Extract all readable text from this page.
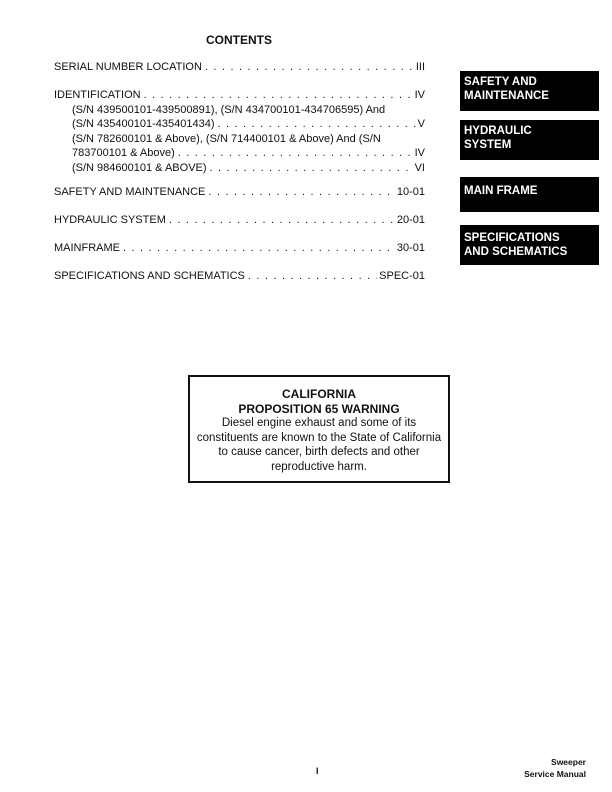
CONTENTS
SERIAL NUMBER LOCATION . . .	III
IDENTIFICATION . . .	IV
(S/N 439500101-439500891), (S/N 434700101-434706595) And
(S/N 435400101-435401434) . . .	V
(S/N 782600101 & Above), (S/N 714400101 & Above) And (S/N
783700101 & Above) . . .	IV
(S/N 984600101 & ABOVE) . . .	VI
SAFETY AND MAINTENANCE . . .	10-01
HYDRAULIC SYSTEM . . .	20-01
MAINFRAME . . .	30-01
SPECIFICATIONS AND SCHEMATICS . . .	SPEC-01
SAFETY AND
MAINTENANCE
HYDRAULIC
SYSTEM
MAIN FRAME
SPECIFICATIONS
AND SCHEMATICS
CALIFORNIA
PROPOSITION 65 WARNING
Diesel engine exhaust and some of its
constituents are known to the State of California
to cause cancer, birth defects and other
reproductive harm.
I
Sweeper
Service Manual
